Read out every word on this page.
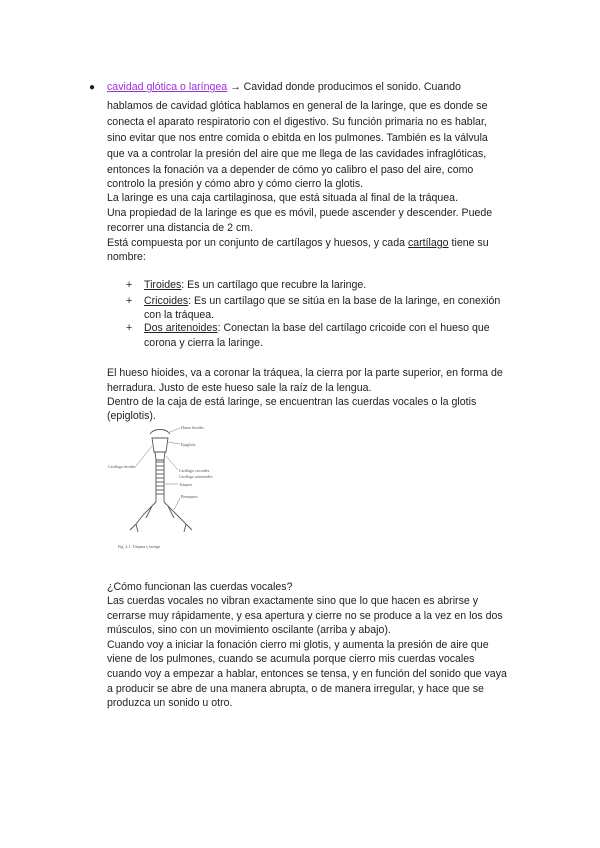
● cavidad glótica o laríngea → Cavidad donde producimos el sonido. Cuando
hablamos de cavidad glótica hablamos en general de la laringe, que es donde se
conecta el aparato respiratorio con el digestivo. Su función primaria no es hablar,
sino evitar que nos entre comida o ebitda en los pulmones. También es la válvula
que va a controlar la presión del aire que me llega de las cavidades infraglóticas,
entonces la fonación va a depender de cómo yo calibro el paso del aire, como
controlo la presión y cómo abro y cómo cierro la glotis.
La laringe es una caja cartilaginosa, que está situada al final de la tráquea.
Una propiedad de la laringe es que es móvil, puede ascender y descender. Puede
recorrer una distancia de 2 cm.
Está compuesta por un conjunto de cartílagos y huesos, y cada cartílago tiene su
nombre:
+ Tiroides: Es un cartílago que recubre la laringe.
+ Cricoides: Es un cartílago que se sitúa en la base de la laringe, en conexión
con la tráquea.
+ Dos aritenoides: Conectan la base del cartílago cricoide con el hueso que
corona y cierra la laringe.
El hueso hioides, va a coronar la tráquea, la cierra por la parte superior, en forma de
herradura. Justo de este hueso sale la raíz de la lengua.
Dentro de la caja de está laringe, se encuentran las cuerdas vocales o la glotis
(epiglotis).
Hueso hioides
Epiglotis
Cartílago tiroides
Cartílago cricoides
Cartílago aritenoides
Tráquea
Bronquios
Fig. 2.1. Tráquea y laringe
¿Cómo funcionan las cuerdas vocales?
Las cuerdas vocales no vibran exactamente sino que lo que hacen es abrirse y
cerrarse muy rápidamente, y esa apertura y cierre no se produce a la vez en los dos
músculos, sino con un movimiento oscilante (arriba y abajo).
Cuando voy a iniciar la fonación cierro mi glotis, y aumenta la presión de aire que
viene de los pulmones, cuando se acumula porque cierro mis cuerdas vocales
cuando voy a empezar a hablar, entonces se tensa, y en función del sonido que vaya
a producir se abre de una manera abrupta, o de manera irregular, y hace que se
produzca un sonido u otro.
